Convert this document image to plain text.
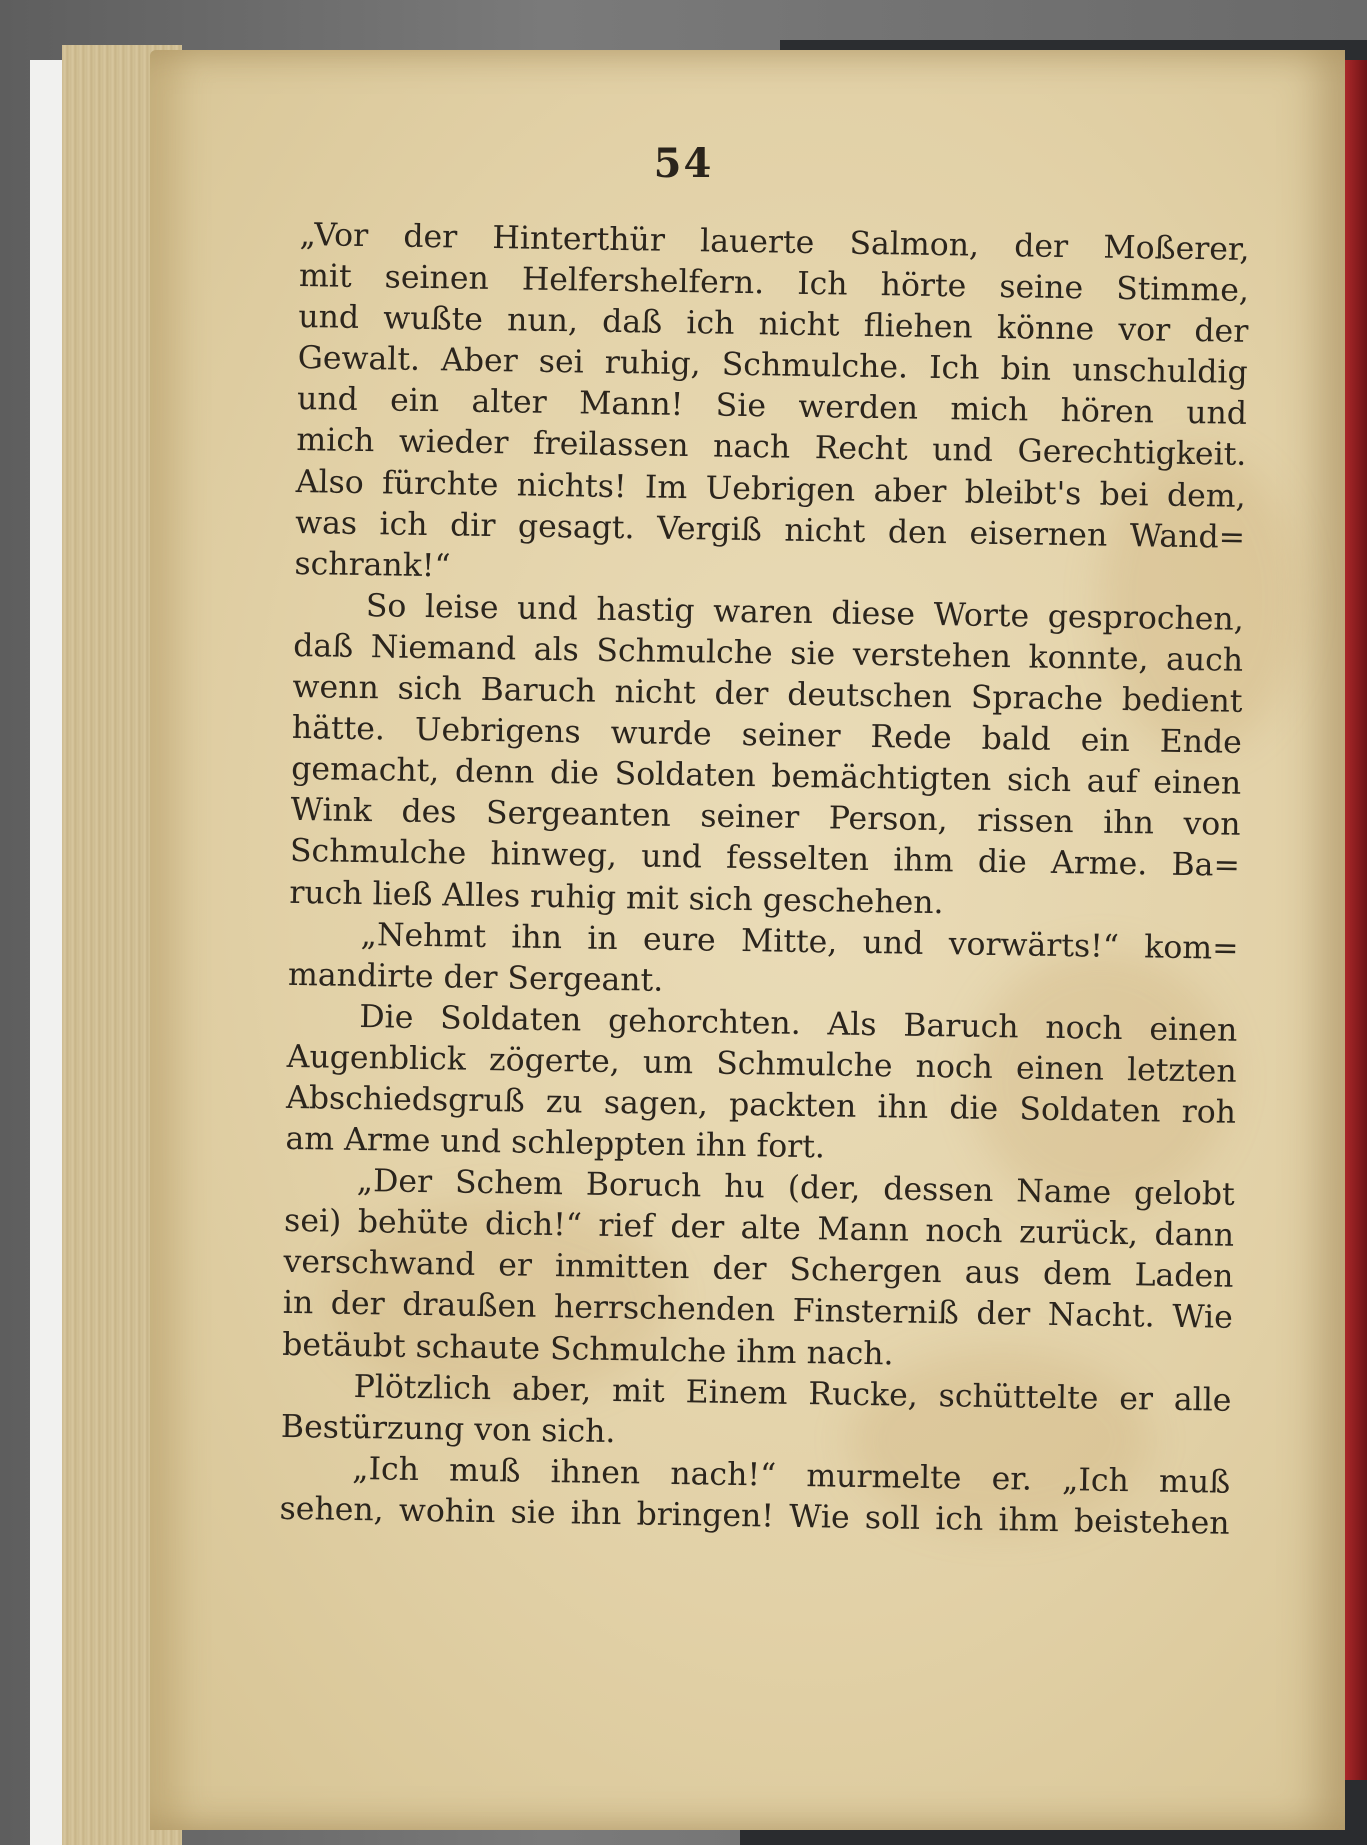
54
„Vor der Hinterthür lauerte Salmon, der Moßerer,
mit seinen Helfershelfern. Ich hörte seine Stimme,
und wußte nun, daß ich nicht fliehen könne vor der
Gewalt. Aber sei ruhig, Schmulche. Ich bin unschuldig
und ein alter Mann! Sie werden mich hören und
mich wieder freilassen nach Recht und Gerechtigkeit.
Also fürchte nichts! Im Uebrigen aber bleibt's bei dem,
was ich dir gesagt. Vergiß nicht den eisernen Wand=
schrank!“
So leise und hastig waren diese Worte gesprochen,
daß Niemand als Schmulche sie verstehen konnte, auch
wenn sich Baruch nicht der deutschen Sprache bedient
hätte. Uebrigens wurde seiner Rede bald ein Ende
gemacht, denn die Soldaten bemächtigten sich auf einen
Wink des Sergeanten seiner Person, rissen ihn von
Schmulche hinweg, und fesselten ihm die Arme. Ba=
ruch ließ Alles ruhig mit sich geschehen.
„Nehmt ihn in eure Mitte, und vorwärts!“ kom=
mandirte der Sergeant.
Die Soldaten gehorchten. Als Baruch noch einen
Augenblick zögerte, um Schmulche noch einen letzten
Abschiedsgruß zu sagen, packten ihn die Soldaten roh
am Arme und schleppten ihn fort.
„Der Schem Boruch hu (der, dessen Name gelobt
sei) behüte dich!“ rief der alte Mann noch zurück, dann
verschwand er inmitten der Schergen aus dem Laden
in der draußen herrschenden Finsterniß der Nacht. Wie
betäubt schaute Schmulche ihm nach.
Plötzlich aber, mit Einem Rucke, schüttelte er alle
Bestürzung von sich.
„Ich muß ihnen nach!“ murmelte er. „Ich muß
sehen, wohin sie ihn bringen! Wie soll ich ihm beistehen
